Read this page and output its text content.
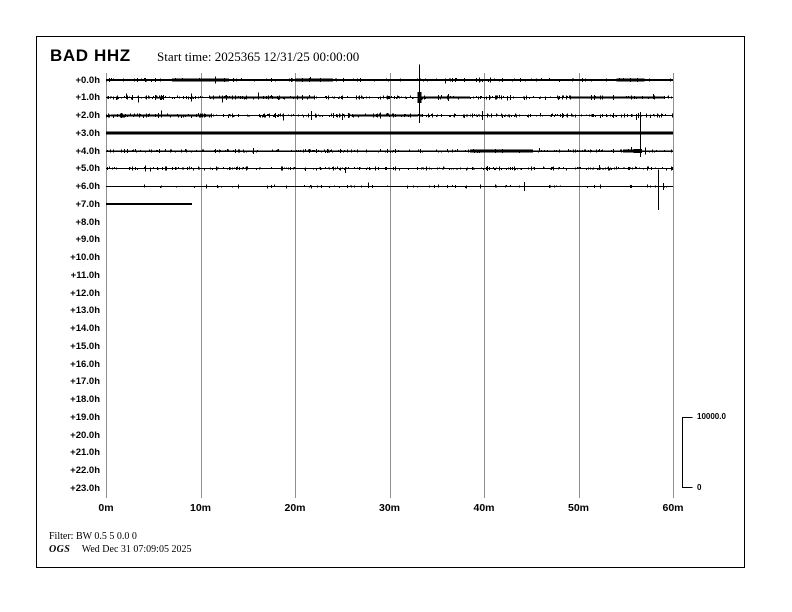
BAD HHZ Start time: 2025365 12/31/25 00:00:00
10000.0
0
Filter: BW 0.5 5 0.0 0
OGS Wed Dec 31 07:09:05 2025
+0.0h
+1.0h
+2.0h
+3.0h
+4.0h
+5.0h
+6.0h
+7.0h
+8.0h
+9.0h
+10.0h
+11.0h
+12.0h
+13.0h
+14.0h
+15.0h
+16.0h
+17.0h
+18.0h
+19.0h
+20.0h
+21.0h
+22.0h
+23.0h
0m	10m	20m	30m	40m	50m	60m
